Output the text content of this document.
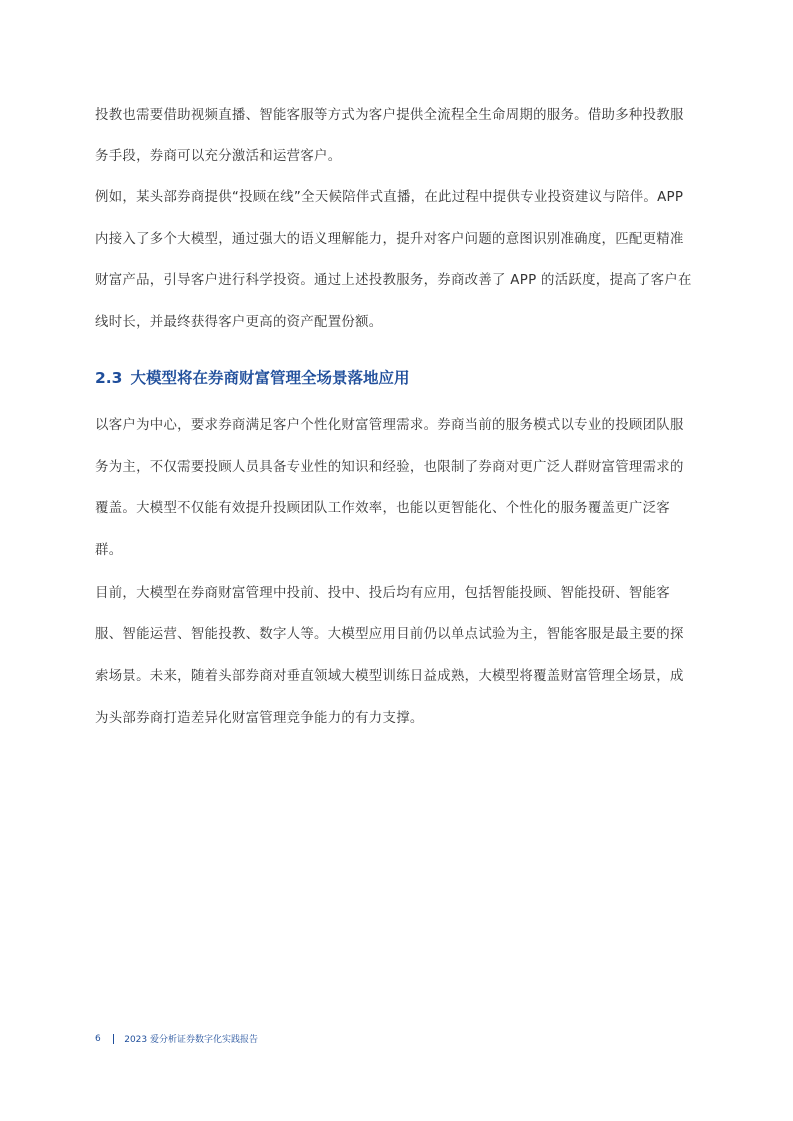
投教也需要借助视频直播、智能客服等方式为客户提供全流程全生命周期的服务。借助多种投教服
务手段，券商可以充分激活和运营客户。
例如，某头部券商提供“投顾在线”全天候陪伴式直播，在此过程中提供专业投资建议与陪伴。APP
内接入了多个大模型，通过强大的语义理解能力，提升对客户问题的意图识别准确度，匹配更精准
财富产品，引导客户进行科学投资。通过上述投教服务，券商改善了 APP 的活跃度，提高了客户在
线时长，并最终获得客户更高的资产配置份额。
2.3 大模型将在券商财富管理全场景落地应用
以客户为中心，要求券商满足客户个性化财富管理需求。券商当前的服务模式以专业的投顾团队服
务为主，不仅需要投顾人员具备专业性的知识和经验，也限制了券商对更广泛人群财富管理需求的
覆盖。大模型不仅能有效提升投顾团队工作效率，也能以更智能化、个性化的服务覆盖更广泛客
群。
目前，大模型在券商财富管理中投前、投中、投后均有应用，包括智能投顾、智能投研、智能客
服、智能运营、智能投教、数字人等。大模型应用目前仍以单点试验为主，智能客服是最主要的探
索场景。未来，随着头部券商对垂直领域大模型训练日益成熟，大模型将覆盖财富管理全场景，成
为头部券商打造差异化财富管理竞争能力的有力支撑。
6	2023 爱分析证券数字化实践报告
